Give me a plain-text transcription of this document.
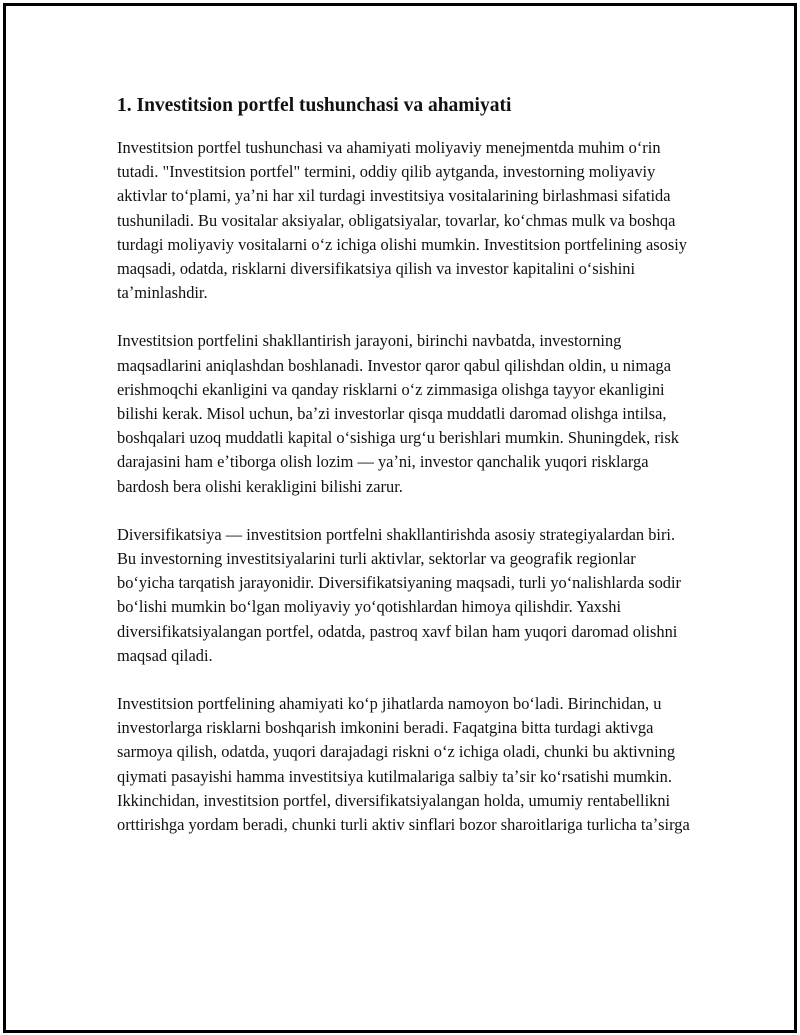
1. Investitsion portfel tushunchasi va ahamiyati

Investitsion portfel tushunchasi va ahamiyati moliyaviy menejmentda muhim oʻrin tutadi. "Investitsion portfel" termini, oddiy qilib aytganda, investorning moliyaviy aktivlar toʻplami, yaʼni har xil turdagi investitsiya vositalarining birlashmasi sifatida tushuniladi. Bu vositalar aksiyalar, obligatsiyalar, tovarlar, koʻchmas mulk va boshqa turdagi moliyaviy vositalarni oʻz ichiga olishi mumkin. Investitsion portfelining asosiy maqsadi, odatda, risklarni diversifikatsiya qilish va investor kapitalini oʻsishini taʼminlashdir.

Investitsion portfelini shakllantirish jarayoni, birinchi navbatda, investorning maqsadlarini aniqlashdan boshlanadi. Investor qaror qabul qilishdan oldin, u nimaga erishmoqchi ekanligini va qanday risklarni oʻz zimmasiga olishga tayyor ekanligini bilishi kerak. Misol uchun, baʼzi investorlar qisqa muddatli daromad olishga intilsa, boshqalari uzoq muddatli kapital oʻsishiga urgʻu berishlari mumkin. Shuningdek, risk darajasini ham eʼtiborga olish lozim — yaʼni, investor qanchalik yuqori risklarga bardosh bera olishi kerakligini bilishi zarur.

Diversifikatsiya — investitsion portfelni shakllantirishda asosiy strategiyalardan biri. Bu investorning investitsiyalarini turli aktivlar, sektorlar va geografik regionlar boʻyicha tarqatish jarayonidir. Diversifikatsiyaning maqsadi, turli yoʻnalishlarda sodir boʻlishi mumkin boʻlgan moliyaviy yoʻqotishlardan himoya qilishdir. Yaxshi diversifikatsiyalangan portfel, odatda, pastroq xavf bilan ham yuqori daromad olishni maqsad qiladi.

Investitsion portfelining ahamiyati koʻp jihatlarda namoyon boʻladi. Birinchidan, u investorlarga risklarni boshqarish imkonini beradi. Faqatgina bitta turdagi aktivga sarmoya qilish, odatda, yuqori darajadagi riskni oʻz ichiga oladi, chunki bu aktivning qiymati pasayishi hamma investitsiya kutilmalariga salbiy taʼsir koʻrsatishi mumkin. Ikkinchidan, investitsion portfel, diversifikatsiyalangan holda, umumiy rentabellikni orttirishga yordam beradi, chunki turli aktiv sinflari bozor sharoitlariga turlicha taʼsirga
